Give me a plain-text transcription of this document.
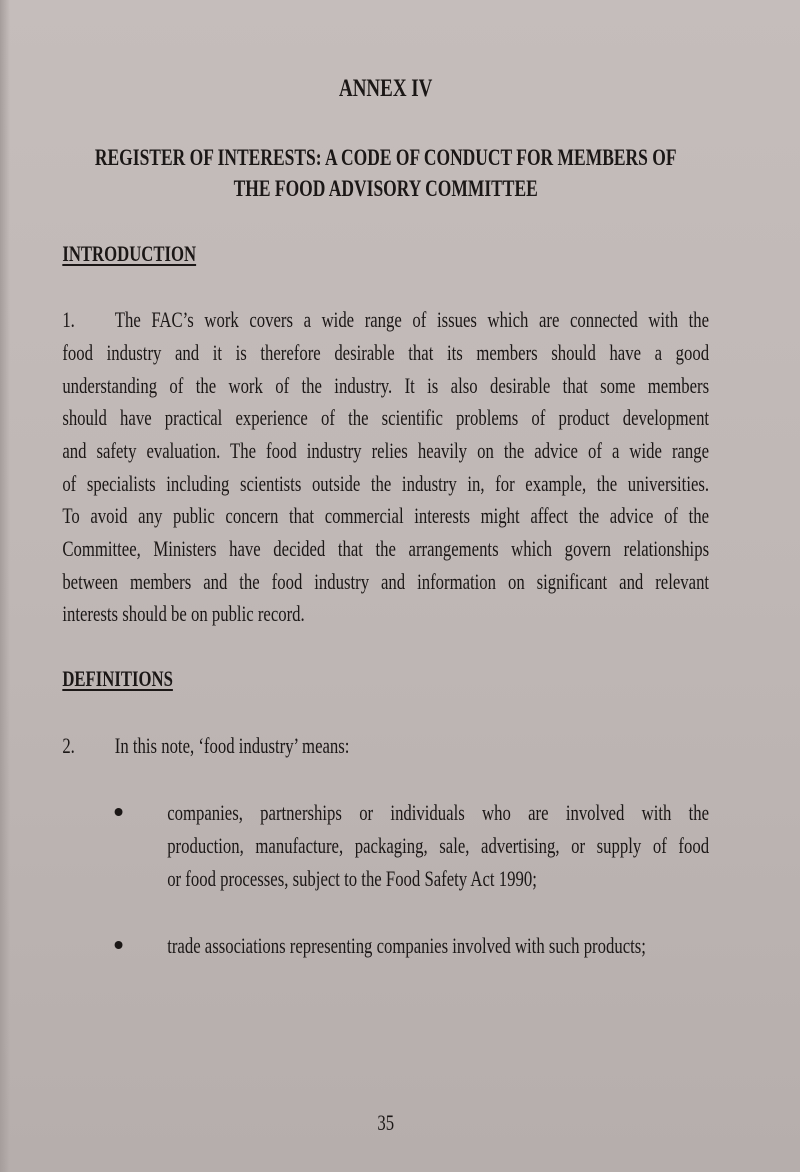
ANNEX IV
REGISTER OF INTERESTS: A CODE OF CONDUCT FOR MEMBERS OF
THE FOOD ADVISORY COMMITTEE
INTRODUCTION
1. The FAC’s work covers a wide range of issues which are connected with the
food industry and it is therefore desirable that its members should have a good
understanding of the work of the industry. It is also desirable that some members
should have practical experience of the scientific problems of product development
and safety evaluation. The food industry relies heavily on the advice of a wide range
of specialists including scientists outside the industry in, for example, the universities.
To avoid any public concern that commercial interests might affect the advice of the
Committee, Ministers have decided that the arrangements which govern relationships
between members and the food industry and information on significant and relevant
interests should be on public record.
DEFINITIONS
2. In this note, ‘food industry’ means:
companies, partnerships or individuals who are involved with the
production, manufacture, packaging, sale, advertising, or supply of food
or food processes, subject to the Food Safety Act 1990;
trade associations representing companies involved with such products;
35
